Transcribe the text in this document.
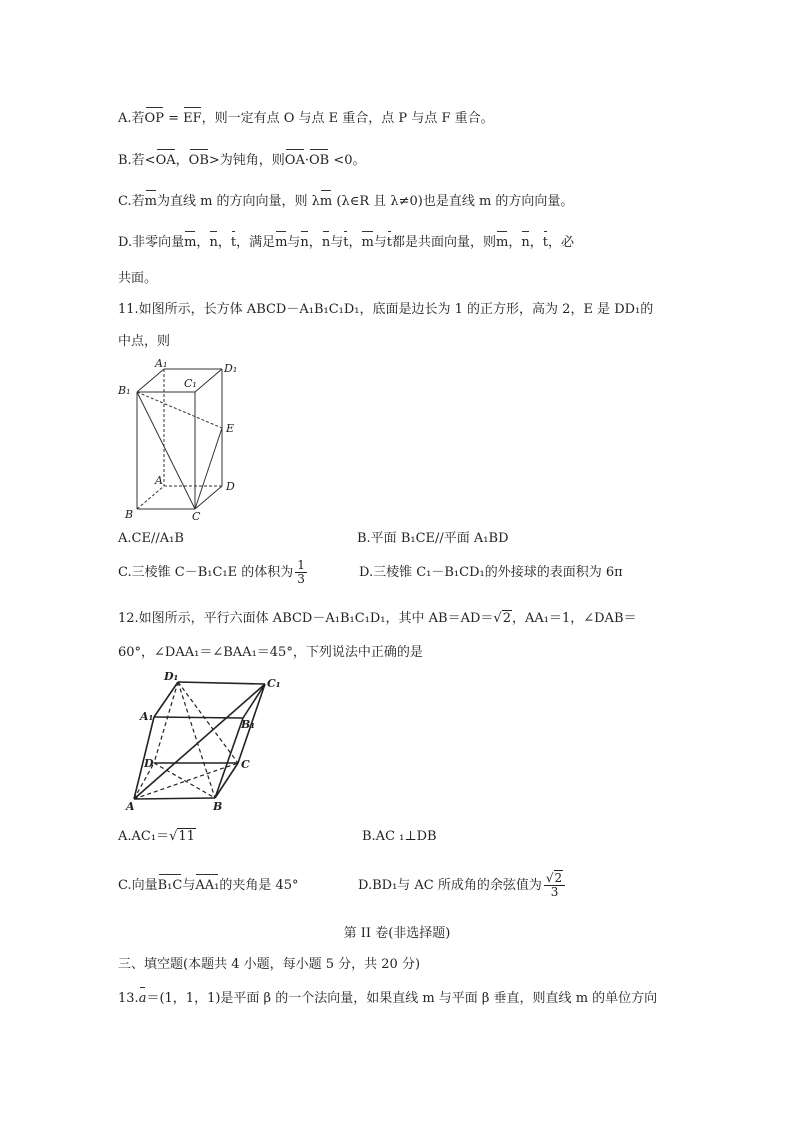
A.若OP = EF，则一定有点 O 与点 E 重合，点 P 与点 F 重合。
B.若<OA，OB>为钝角，则OA·OB <0。
C.若m为直线 m 的方向向量，则 λm (λ∈R 且 λ≠0)也是直线 m 的方向向量。
D.非零向量m，n，t，满足m与n，n与t，m与t都是共面向量，则m，n，t，必
共面。
11.如图所示，长方体 ABCD－A₁B₁C₁D₁，底面是边长为 1 的正方形，高为 2，E 是 DD₁的
中点，则
A₁	D₁
B₁
C₁
E
A	D
B	C
A.CE//A₁B	B.平面 B₁CE//平面 A₁BD
C.三棱锥 C－B₁C₁E 的体积为 $\frac{1}{3}$	D.三棱锥 C₁－B₁CD₁的外接球的表面积为 6π
12.如图所示，平行六面体 ABCD－A₁B₁C₁D₁，其中 AB＝AD＝√2，AA₁＝1，∠DAB＝
60°，∠DAA₁＝∠BAA₁＝45°，下列说法中正确的是
D₁
C₁
A₁
B₁
D	C
A	B
A.AC₁＝√11	B.AC ₁⊥DB
C.向量B₁C与AA₁的夹角是 45°	D.BD₁与 AC 所成角的余弦值为 $\frac{√2}{3}$
第 II 卷(非选择题)
三、填空题(本题共 4 小题，每小题 5 分，共 20 分)
13.a＝(1，1，1)是平面 β 的一个法向量，如果直线 m 与平面 β 垂直，则直线 m 的单位方向
